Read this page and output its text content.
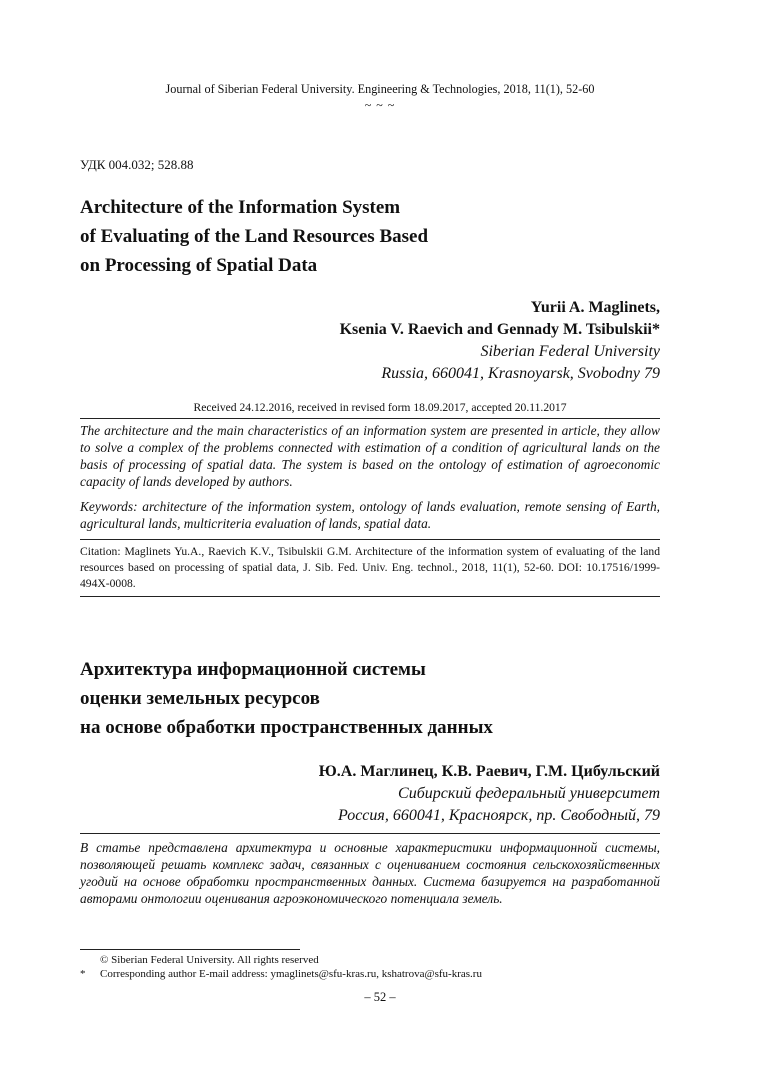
Journal of Siberian Federal University. Engineering & Technologies, 2018, 11(1), 52-60
~ ~ ~
УДК 004.032; 528.88
Architecture of the Information System
of Evaluating of the Land Resources Based
on Processing of Spatial Data
Yurii A. Maglinets,
Ksenia V. Raevich and Gennady M. Tsibulskii*
Siberian Federal University
Russia, 660041, Krasnoyarsk, Svobodny 79
Received 24.12.2016, received in revised form 18.09.2017, accepted 20.11.2017
The architecture and the main characteristics of an information system are presented in article, they allow to solve a complex of the problems connected with estimation of a condition of agricultural lands on the basis of processing of spatial data. The system is based on the ontology of estimation of agroeconomic capacity of lands developed by authors.
Keywords: architecture of the information system, ontology of lands evaluation, remote sensing of Earth, agricultural lands, multicriteria evaluation of lands, spatial data.
Citation: Maglinets Yu.A., Raevich K.V., Tsibulskii G.M. Architecture of the information system of evaluating of the land resources based on processing of spatial data, J. Sib. Fed. Univ. Eng. technol., 2018, 11(1), 52-60. DOI: 10.17516/1999-494X-0008.
Архитектура информационной системы
оценки земельных ресурсов
на основе обработки пространственных данных
Ю.А. Маглинец, К.В. Раевич, Г.М. Цибульский
Сибирский федеральный университет
Россия, 660041, Красноярск, пр. Свободный, 79
В статье представлена архитектура и основные характеристики информационной системы, позволяющей решать комплекс задач, связанных с оцениванием состояния сельскохозяйственных угодий на основе обработки пространственных данных. Система базируется на разработанной авторами онтологии оценивания агроэкономического потенциала земель.
© Siberian Federal University. All rights reserved
* Corresponding author E-mail address: ymaglinets@sfu-kras.ru, kshatrova@sfu-kras.ru
– 52 –
